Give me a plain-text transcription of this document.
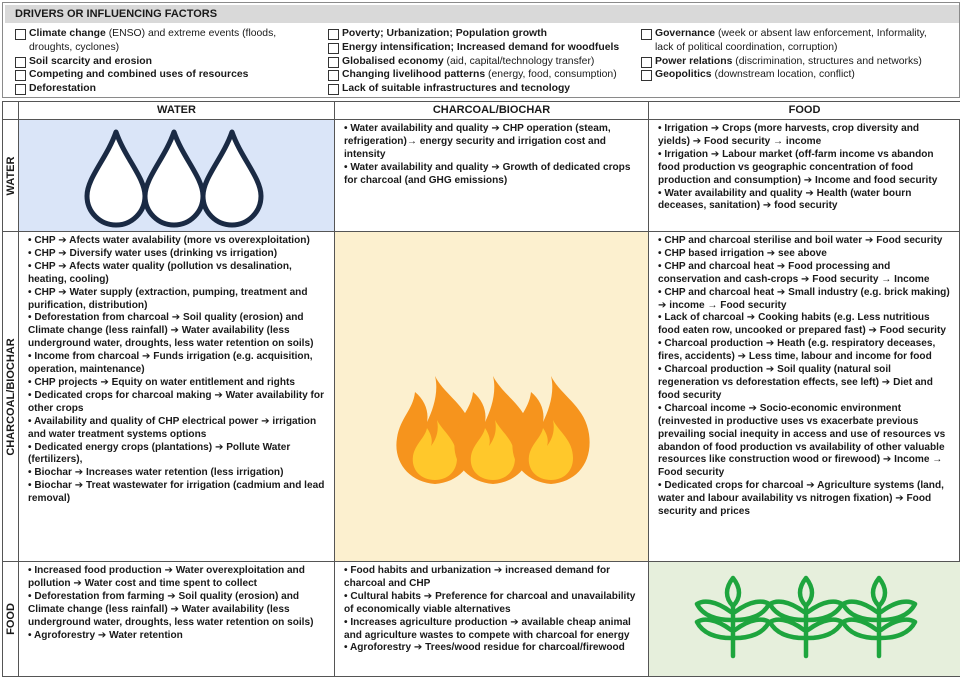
DRIVERS OR INFLUENCING FACTORS
Climate change (ENSO) and extreme events (floods,
droughts, cyclones)
Soil scarcity and erosion
Competing and combined uses of resources
Deforestation
Poverty; Urbanization; Population growth
Energy intensification; Increased demand for woodfuels
Globalised economy (aid, capital/technology transfer)
Changing livelihood patterns (energy, food, consumption)
Lack of suitable infrastructures and tecnology
Governance (week or absent law enforcement, Informality,
lack of political coordination, corruption)
Power relations (discrimination, structures and networks)
Geopolitics (downstream location, conflict)
WATER	CHARCOAL/BIOCHAR	FOOD
WATER
CHARCOAL/BIOCHAR
FOOD
• Water availability and quality ➔ CHP operation (steam, refrigeration)→ energy security and irrigation cost and intensity
• Water availability and quality ➔ Growth of dedicated crops for charcoal (and GHG emissions)
• Irrigation ➔ Crops (more harvests, crop diversity and yields) ➔ Food security → income
• Irrigation ➔ Labour market (off-farm income vs abandon food production vs geographic concentration of food production and consumption) ➔ Income and food security
• Water availability and quality ➔ Health (water bourn deceases, sanitation) ➔ food security
• CHP ➔ Afects water avalability (more vs overexploitation)
• CHP ➔ Diversify water uses (drinking vs irrigation)
• CHP ➔ Afects water quality (pollution vs desalination, heating, cooling)
• CHP ➔ Water supply (extraction, pumping, treatment and purification, distribution)
• Deforestation from charcoal ➔ Soil quality (erosion) and Climate change (less rainfall) ➔ Water availability (less underground water, droughts, less water retention on soils)
• Income from charcoal ➔ Funds irrigation (e.g. acquisition, operation, maintenance)
• CHP projects ➔ Equity on water entitlement and rights
• Dedicated crops for charcoal making ➔ Water availability for other crops
• Availability and quality of CHP electrical power ➔ irrigation and water treatment systems options
• Dedicated energy crops (plantations) ➔ Pollute Water (fertilizers),
• Biochar ➔ Increases water retention (less irrigation)
• Biochar ➔ Treat wastewater for irrigation (cadmium and lead removal)
• CHP and charcoal sterilise and boil water ➔ Food security
• CHP based irrigation ➔ see above
• CHP and charcoal heat ➔ Food processing and conservation and cash-crops ➔ Food security → Income
• CHP and charcoal heat ➔ Small industry (e.g. brick making) ➔ income → Food security
• Lack of charcoal ➔ Cooking habits (e.g. Less nutritious food eaten row, uncooked or prepared fast) ➔ Food security
• Charcoal production ➔ Heath (e.g. respiratory deceases, fires, accidents) ➔ Less time, labour and income for food
• Charcoal production ➔ Soil quality (natural soil regeneration vs deforestation effects, see left) ➔ Diet and food security
• Charcoal income ➔ Socio-economic environment (reinvested in productive uses vs exacerbate previous prevailing social inequity in access and use of resources vs abandon of food production vs availability of other valuable resources like construction wood or firewood) ➔ Income → Food security
• Dedicated crops for charcoal ➔ Agriculture systems (land, water and labour availability vs nitrogen fixation) ➔ Food security and prices
• Increased food production ➔ Water overexploitation and pollution ➔ Water cost and time spent to collect
• Deforestation from farming ➔ Soil quality (erosion) and Climate change (less rainfall) ➔ Water availability (less underground water, droughts, less water retention on soils)
• Agroforestry ➔ Water retention
• Food habits and urbanization ➔ increased demand for charcoal and CHP
• Cultural habits ➔ Preference for charcoal and unavailability of economically viable alternatives
• Increases agriculture production ➔ available cheap animal and agriculture wastes to compete with charcoal for energy
• Agroforestry ➔ Trees/wood residue for charcoal/firewood
